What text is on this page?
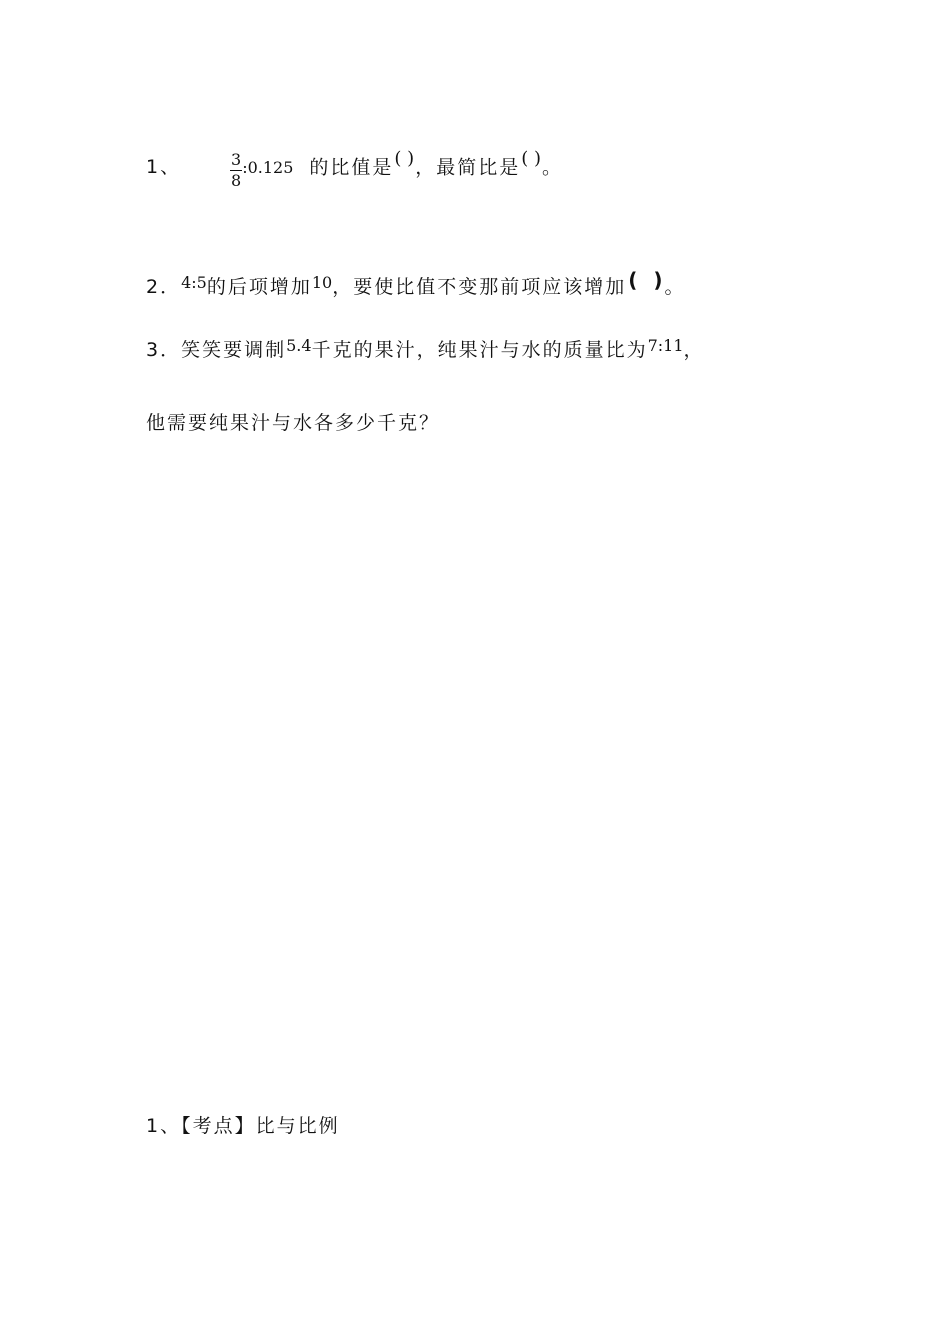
1、	$\frac{3}{8}$ :0.125 的比值是( )，最简比是( )。
2．$^{4:5}$的后项增加$^{10}$，要使比值不变那前项应该增加 ( ) 。
3．笑笑要调制$^{5.4}$千克的果汁，纯果汁与水的质量比为$^{7:11}$，
他需要纯果汁与水各多少千克？
1、【考点】比与比例
